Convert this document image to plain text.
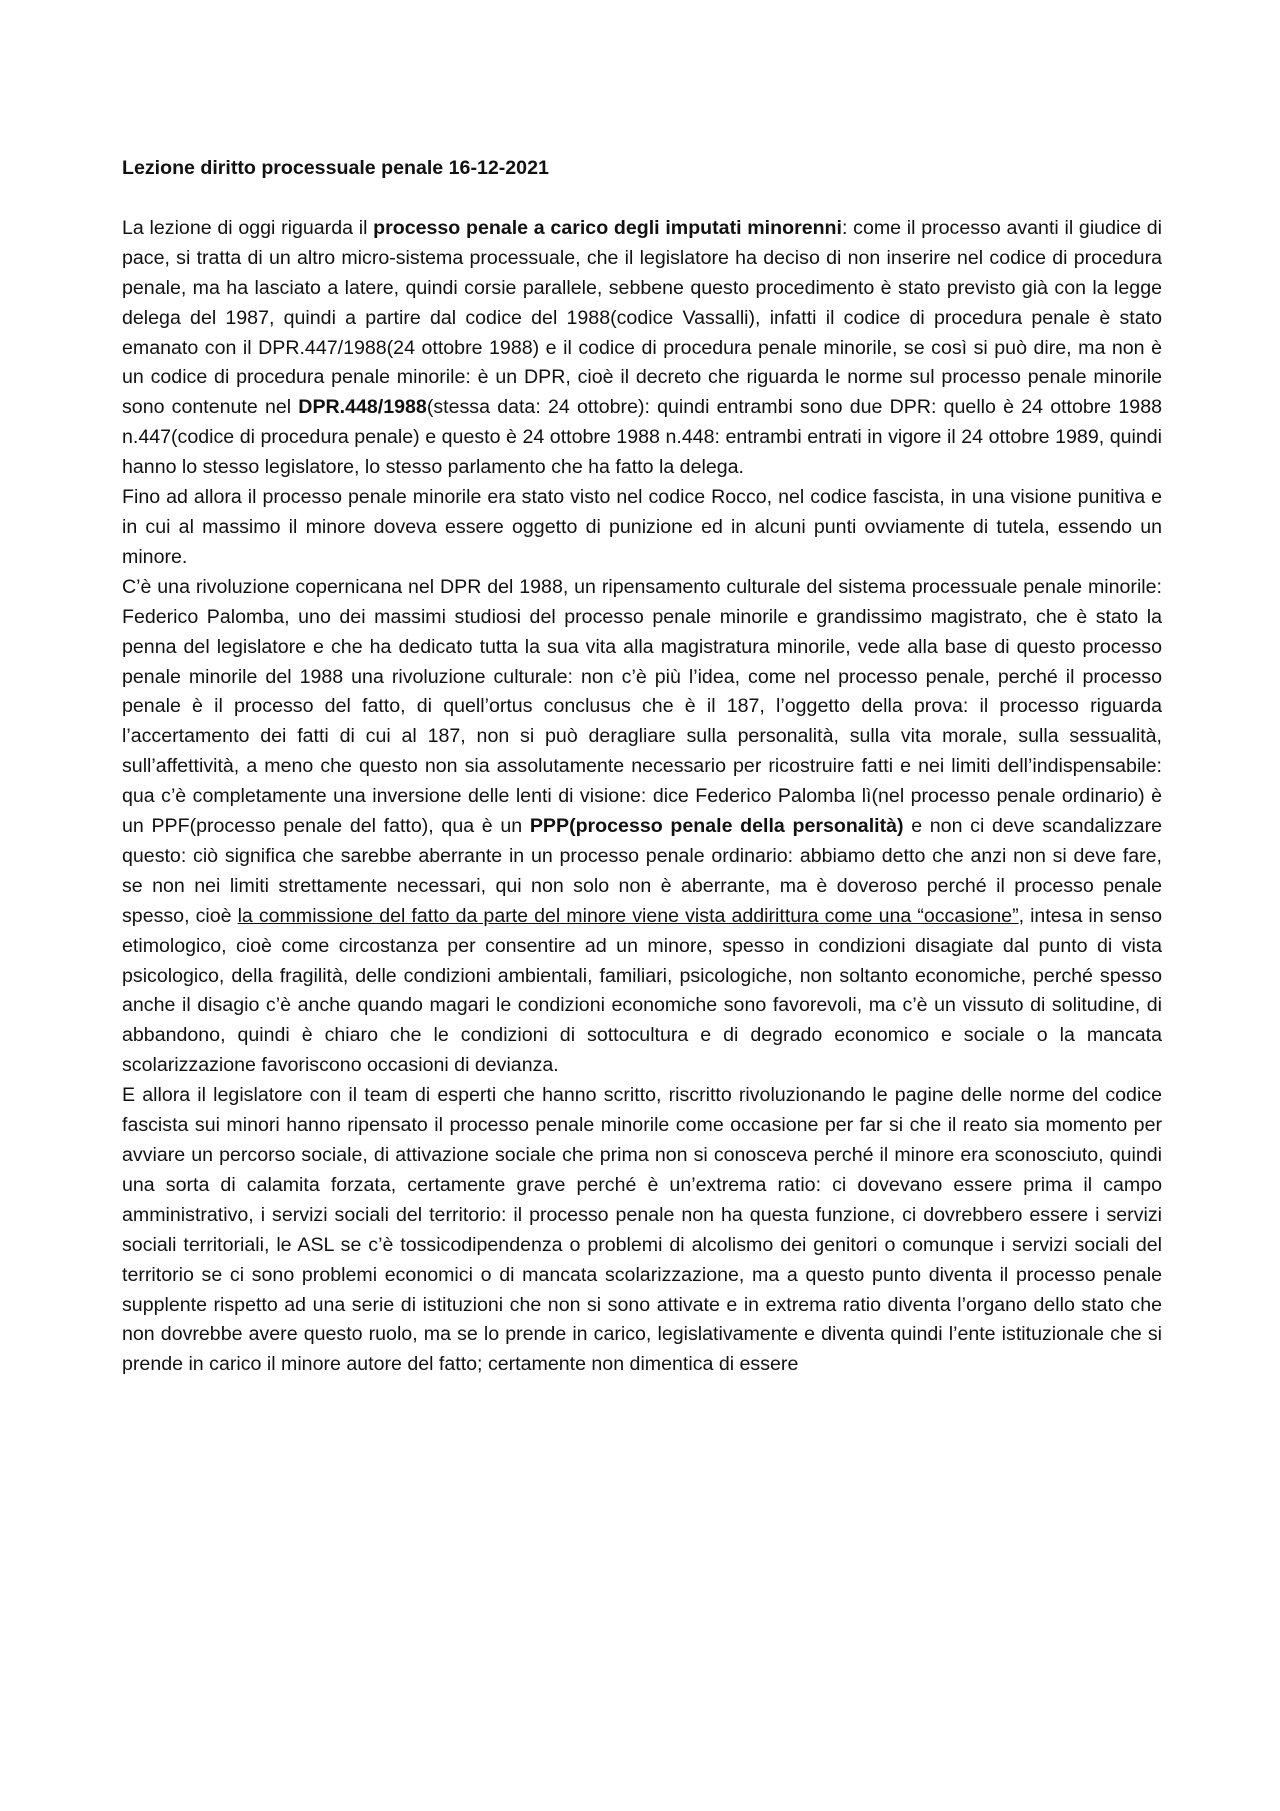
Lezione diritto processuale penale 16-12-2021

La lezione di oggi riguarda il processo penale a carico degli imputati minorenni: come il processo avanti il giudice di pace, si tratta di un altro micro-sistema processuale, che il legislatore ha deciso di non inserire nel codice di procedura penale, ma ha lasciato a latere, quindi corsie parallele, sebbene questo procedimento è stato previsto già con la legge delega del 1987, quindi a partire dal codice del 1988(codice Vassalli), infatti il codice di procedura penale è stato emanato con il DPR.447/1988(24 ottobre 1988) e il codice di procedura penale minorile, se così si può dire, ma non è un codice di procedura penale minorile: è un DPR, cioè il decreto che riguarda le norme sul processo penale minorile sono contenute nel DPR.448/1988(stessa data: 24 ottobre): quindi entrambi sono due DPR: quello è 24 ottobre 1988 n.447(codice di procedura penale) e questo è 24 ottobre 1988 n.448: entrambi entrati in vigore il 24 ottobre 1989, quindi hanno lo stesso legislatore, lo stesso parlamento che ha fatto la delega.

Fino ad allora il processo penale minorile era stato visto nel codice Rocco, nel codice fascista, in una visione punitiva e in cui al massimo il minore doveva essere oggetto di punizione ed in alcuni punti ovviamente di tutela, essendo un minore.

C’è una rivoluzione copernicana nel DPR del 1988, un ripensamento culturale del sistema processuale penale minorile: Federico Palomba, uno dei massimi studiosi del processo penale minorile e grandissimo magistrato, che è stato la penna del legislatore e che ha dedicato tutta la sua vita alla magistratura minorile, vede alla base di questo processo penale minorile del 1988 una rivoluzione culturale: non c’è più l’idea, come nel processo penale, perché il processo penale è il processo del fatto, di quell’ortus conclusus che è il 187, l’oggetto della prova: il processo riguarda l’accertamento dei fatti di cui al 187, non si può deragliare sulla personalità, sulla vita morale, sulla sessualità, sull’affettività, a meno che questo non sia assolutamente necessario per ricostruire fatti e nei limiti dell’indispensabile: qua c’è completamente una inversione delle lenti di visione: dice Federico Palomba lì(nel processo penale ordinario) è un PPF(processo penale del fatto), qua è un PPP(processo penale della personalità) e non ci deve scandalizzare questo: ciò significa che sarebbe aberrante in un processo penale ordinario: abbiamo detto che anzi non si deve fare, se non nei limiti strettamente necessari, qui non solo non è aberrante, ma è doveroso perché il processo penale spesso, cioè la commissione del fatto da parte del minore viene vista addirittura come una “occasione”, intesa in senso etimologico, cioè come circostanza per consentire ad un minore, spesso in condizioni disagiate dal punto di vista psicologico, della fragilità, delle condizioni ambientali, familiari, psicologiche, non soltanto economiche, perché spesso anche il disagio c’è anche quando magari le condizioni economiche sono favorevoli, ma c’è un vissuto di solitudine, di abbandono, quindi è chiaro che le condizioni di sottocultura e di degrado economico e sociale o la mancata scolarizzazione favoriscono occasioni di devianza.

E allora il legislatore con il team di esperti che hanno scritto, riscritto rivoluzionando le pagine delle norme del codice fascista sui minori hanno ripensato il processo penale minorile come occasione per far si che il reato sia momento per avviare un percorso sociale, di attivazione sociale che prima non si conosceva perché il minore era sconosciuto, quindi una sorta di calamita forzata, certamente grave perché è un’extrema ratio: ci dovevano essere prima il campo amministrativo, i servizi sociali del territorio: il processo penale non ha questa funzione, ci dovrebbero essere i servizi sociali territoriali, le ASL se c’è tossicodipendenza o problemi di alcolismo dei genitori o comunque i servizi sociali del territorio se ci sono problemi economici o di mancata scolarizzazione, ma a questo punto diventa il processo penale supplente rispetto ad una serie di istituzioni che non si sono attivate e in extrema ratio diventa l’organo dello stato che non dovrebbe avere questo ruolo, ma se lo prende in carico, legislativamente e diventa quindi l’ente istituzionale che si prende in carico il minore autore del fatto; certamente non dimentica di essere
